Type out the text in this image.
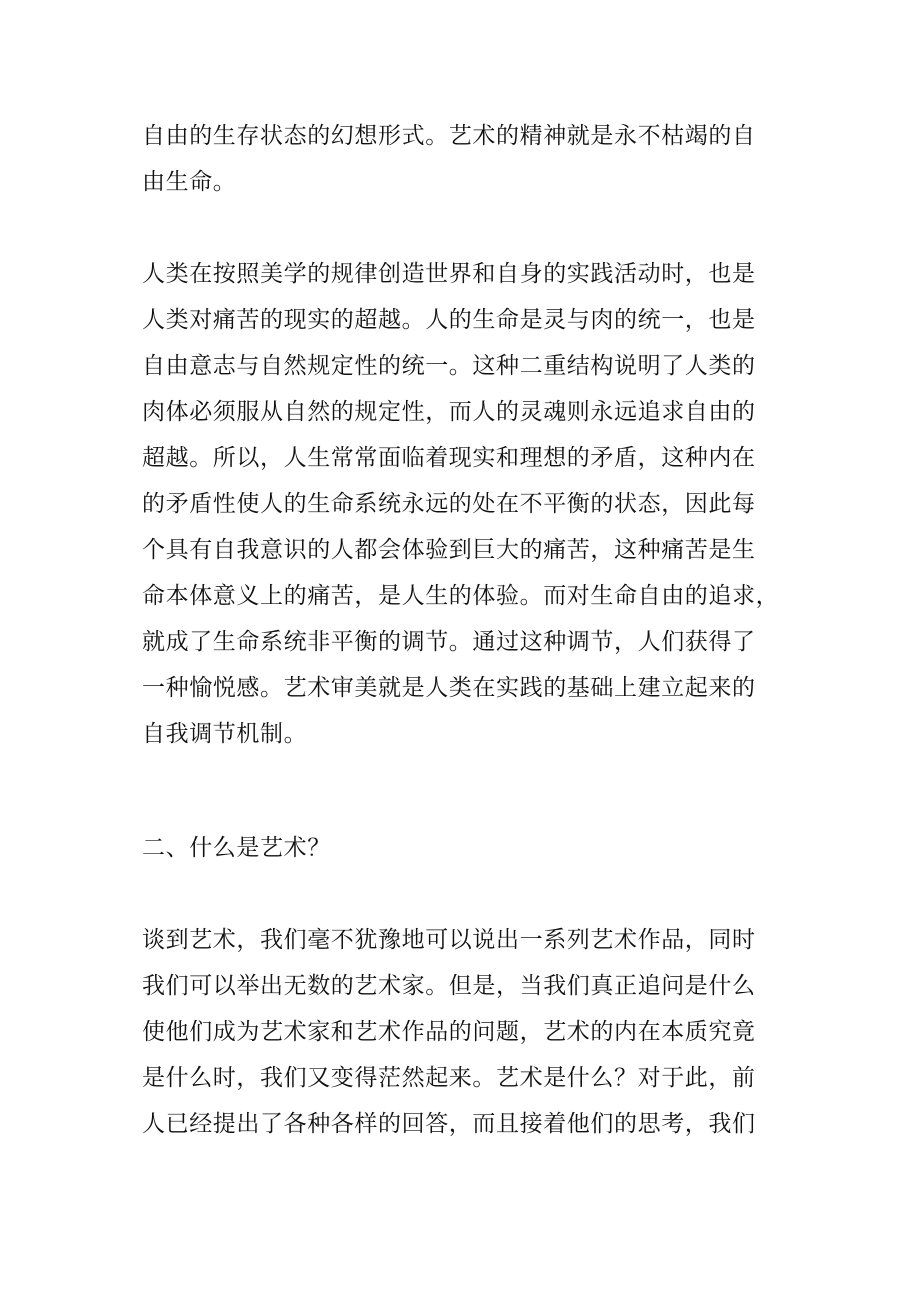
自由的生存状态的幻想形式。艺术的精神就是永不枯竭的自
由生命。
人类在按照美学的规律创造世界和自身的实践活动时，也是
人类对痛苦的现实的超越。人的生命是灵与肉的统一，也是
自由意志与自然规定性的统一。这种二重结构说明了人类的
肉体必须服从自然的规定性，而人的灵魂则永远追求自由的
超越。所以，人生常常面临着现实和理想的矛盾，这种内在
的矛盾性使人的生命系统永远的处在不平衡的状态，因此每
个具有自我意识的人都会体验到巨大的痛苦，这种痛苦是生
命本体意义上的痛苦，是人生的体验。而对生命自由的追求，
就成了生命系统非平衡的调节。通过这种调节，人们获得了
一种愉悦感。艺术审美就是人类在实践的基础上建立起来的
自我调节机制。
二、什么是艺术？
谈到艺术，我们毫不犹豫地可以说出一系列艺术作品，同时
我们可以举出无数的艺术家。但是，当我们真正追问是什么
使他们成为艺术家和艺术作品的问题，艺术的内在本质究竟
是什么时，我们又变得茫然起来。艺术是什么？对于此，前
人已经提出了各种各样的回答，而且接着他们的思考，我们
